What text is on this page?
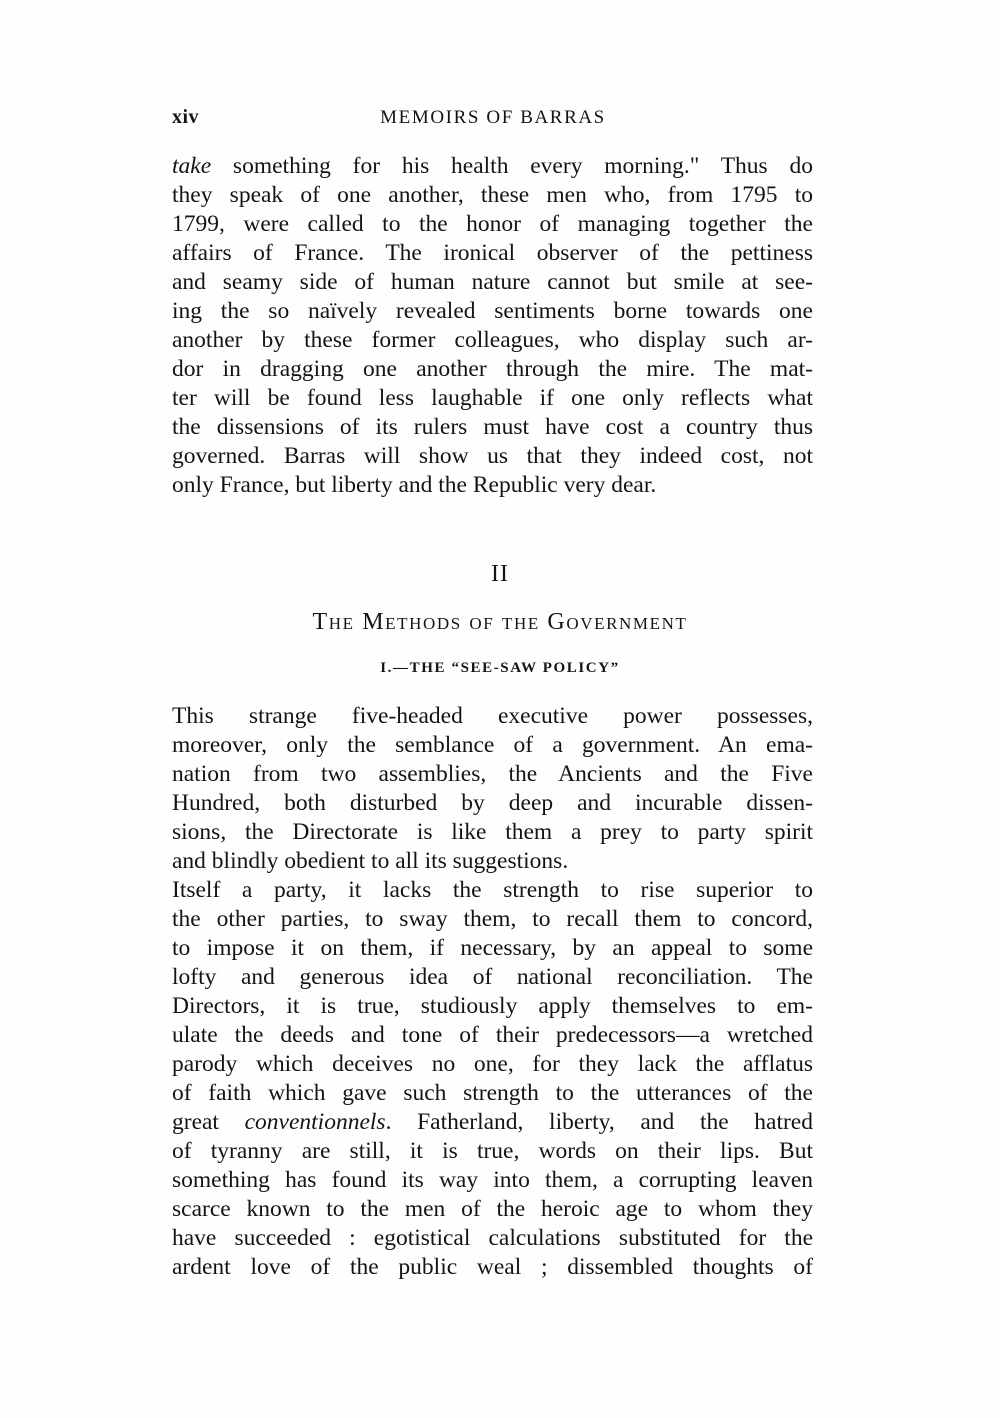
xiv	MEMOIRS OF BARRAS
take something for his health every morning." Thus do
they speak of one another, these men who, from 1795 to
1799, were called to the honor of managing together the
affairs of France. The ironical observer of the pettiness
and seamy side of human nature cannot but smile at see-
ing the so naïvely revealed sentiments borne towards one
another by these former colleagues, who display such ar-
dor in dragging one another through the mire. The mat-
ter will be found less laughable if one only reflects what
the dissensions of its rulers must have cost a country thus
governed. Barras will show us that they indeed cost, not
only France, but liberty and the Republic very dear.
II
The Methods of the Government
I.—THE “SEE-SAW POLICY”
This strange five-headed executive power possesses,
moreover, only the semblance of a government. An ema-
nation from two assemblies, the Ancients and the Five
Hundred, both disturbed by deep and incurable dissen-
sions, the Directorate is like them a prey to party spirit
and blindly obedient to all its suggestions.
Itself a party, it lacks the strength to rise superior to
the other parties, to sway them, to recall them to concord,
to impose it on them, if necessary, by an appeal to some
lofty and generous idea of national reconciliation. The
Directors, it is true, studiously apply themselves to em-
ulate the deeds and tone of their predecessors—a wretched
parody which deceives no one, for they lack the afflatus
of faith which gave such strength to the utterances of the
great conventionnels. Fatherland, liberty, and the hatred
of tyranny are still, it is true, words on their lips. But
something has found its way into them, a corrupting leaven
scarce known to the men of the heroic age to whom they
have succeeded : egotistical calculations substituted for the
ardent love of the public weal ; dissembled thoughts of
